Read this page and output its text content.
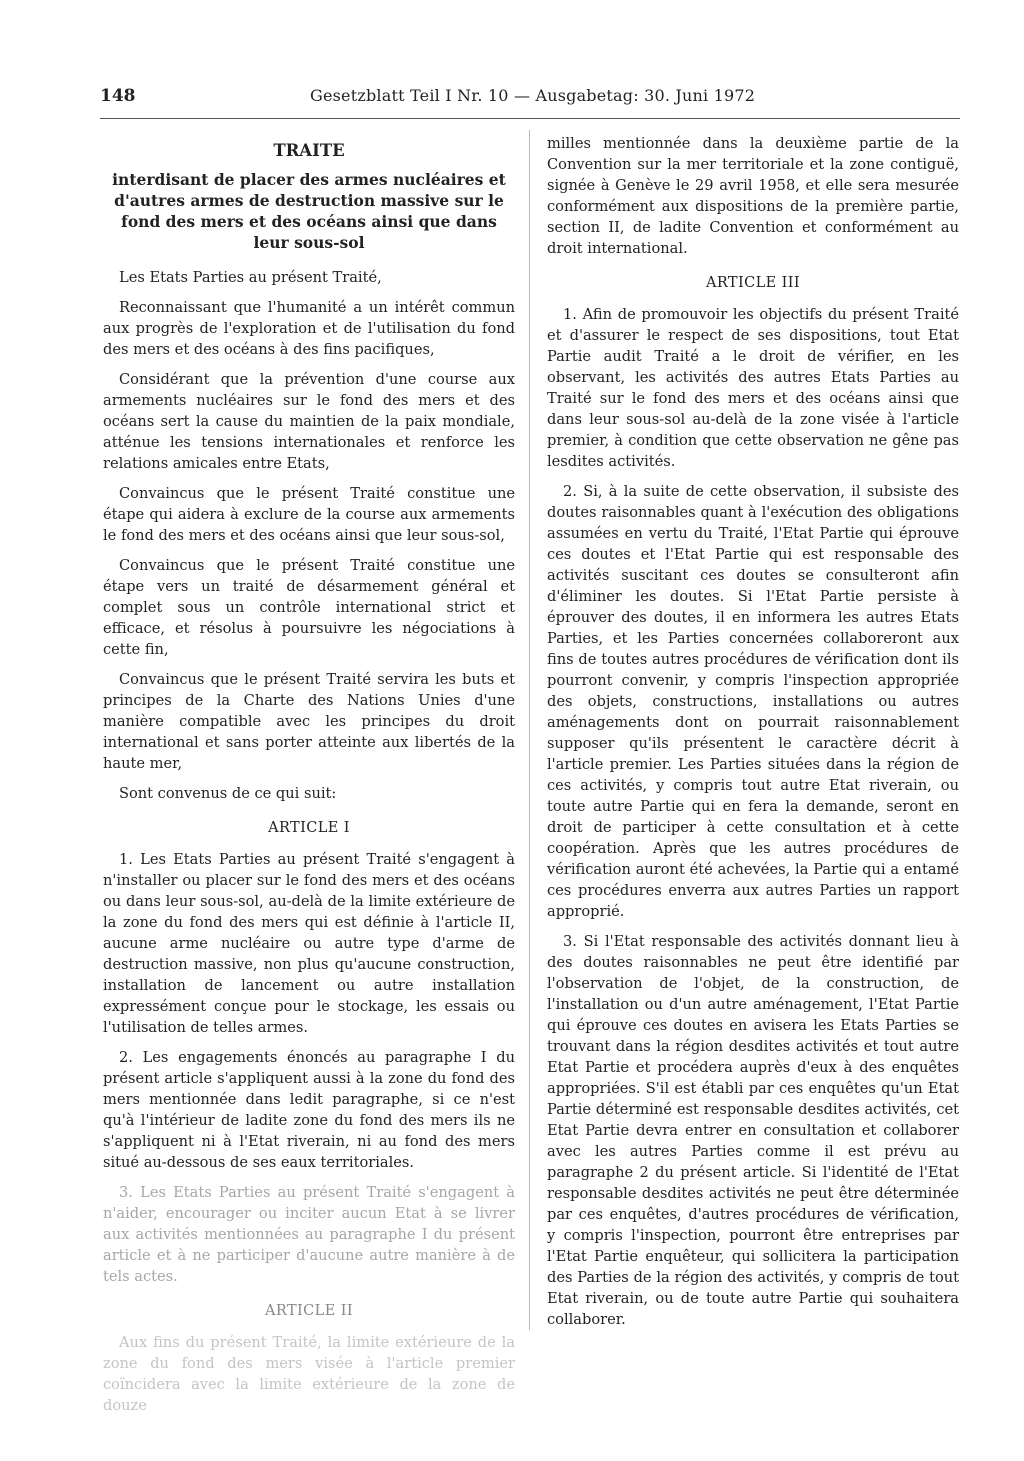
148	Gesetzblatt Teil I Nr. 10 — Ausgabetag: 30. Juni 1972
TRAITE
interdisant de placer des armes nucléaires et d'autres armes de destruction massive sur le fond des mers et des océans ainsi que dans leur sous-sol

Les Etats Parties au présent Traité,

Reconnaissant que l'humanité a un intérêt commun aux progrès de l'exploration et de l'utilisation du fond des mers et des océans à des fins pacifiques,

Considérant que la prévention d'une course aux armements nucléaires sur le fond des mers et des océans sert la cause du maintien de la paix mondiale, atténue les tensions internationales et renforce les relations amicales entre Etats,

Convaincus que le présent Traité constitue une étape qui aidera à exclure de la course aux armements le fond des mers et des océans ainsi que leur sous-sol,

Convaincus que le présent Traité constitue une étape vers un traité de désarmement général et complet sous un contrôle international strict et efficace, et résolus à poursuivre les négociations à cette fin,

Convaincus que le présent Traité servira les buts et principes de la Charte des Nations Unies d'une manière compatible avec les principes du droit international et sans porter atteinte aux libertés de la haute mer,

Sont convenus de ce qui suit:

ARTICLE I

1. Les Etats Parties au présent Traité s'engagent à n'installer ou placer sur le fond des mers et des océans ou dans leur sous-sol, au-delà de la limite extérieure de la zone du fond des mers qui est définie à l'article II, aucune arme nucléaire ou autre type d'arme de destruction massive, non plus qu'aucune construction, installation de lancement ou autre installation expressément conçue pour le stockage, les essais ou l'utilisation de telles armes.

2. Les engagements énoncés au paragraphe I du présent article s'appliquent aussi à la zone du fond des mers mentionnée dans ledit paragraphe, si ce n'est qu'à l'intérieur de ladite zone du fond des mers ils ne s'appliquent ni à l'Etat riverain, ni au fond des mers situé au-dessous de ses eaux territoriales.

3. Les Etats Parties au présent Traité s'engagent à n'aider, encourager ou inciter aucun Etat à se livrer aux activités mentionnées au paragraphe I du présent article et à ne participer d'aucune autre manière à de tels actes.

ARTICLE II

Aux fins du présent Traité, la limite extérieure de la zone du fond des mers visée à l'article premier coïncidera avec la limite extérieure de la zone de douze

milles mentionnée dans la deuxième partie de la Convention sur la mer territoriale et la zone contiguë, signée à Genève le 29 avril 1958, et elle sera mesurée conformément aux dispositions de la première partie, section II, de ladite Convention et conformément au droit international.

ARTICLE III

1. Afin de promouvoir les objectifs du présent Traité et d'assurer le respect de ses dispositions, tout Etat Partie audit Traité a le droit de vérifier, en les observant, les activités des autres Etats Parties au Traité sur le fond des mers et des océans ainsi que dans leur sous-sol au-delà de la zone visée à l'article premier, à condition que cette observation ne gêne pas lesdites activités.

2. Si, à la suite de cette observation, il subsiste des doutes raisonnables quant à l'exécution des obligations assumées en vertu du Traité, l'Etat Partie qui éprouve ces doutes et l'Etat Partie qui est responsable des activités suscitant ces doutes se consulteront afin d'éliminer les doutes. Si l'Etat Partie persiste à éprouver des doutes, il en informera les autres Etats Parties, et les Parties concernées collaboreront aux fins de toutes autres procédures de vérification dont ils pourront convenir, y compris l'inspection appropriée des objets, constructions, installations ou autres aménagements dont on pourrait raisonnablement supposer qu'ils présentent le caractère décrit à l'article premier. Les Parties situées dans la région de ces activités, y compris tout autre Etat riverain, ou toute autre Partie qui en fera la demande, seront en droit de participer à cette consultation et à cette coopération. Après que les autres procédures de vérification auront été achevées, la Partie qui a entamé ces procédures enverra aux autres Parties un rapport approprié.

3. Si l'Etat responsable des activités donnant lieu à des doutes raisonnables ne peut être identifié par l'observation de l'objet, de la construction, de l'installation ou d'un autre aménagement, l'Etat Partie qui éprouve ces doutes en avisera les Etats Parties se trouvant dans la région desdites activités et tout autre Etat Partie et procédera auprès d'eux à des enquêtes appropriées. S'il est établi par ces enquêtes qu'un Etat Partie déterminé est responsable desdites activités, cet Etat Partie devra entrer en consultation et collaborer avec les autres Parties comme il est prévu au paragraphe 2 du présent article. Si l'identité de l'Etat responsable desdites activités ne peut être déterminée par ces enquêtes, d'autres procédures de vérification, y compris l'inspection, pourront être entreprises par l'Etat Partie enquêteur, qui sollicitera la participation des Parties de la région des activités, y compris de tout Etat riverain, ou de toute autre Partie qui souhaitera collaborer.
